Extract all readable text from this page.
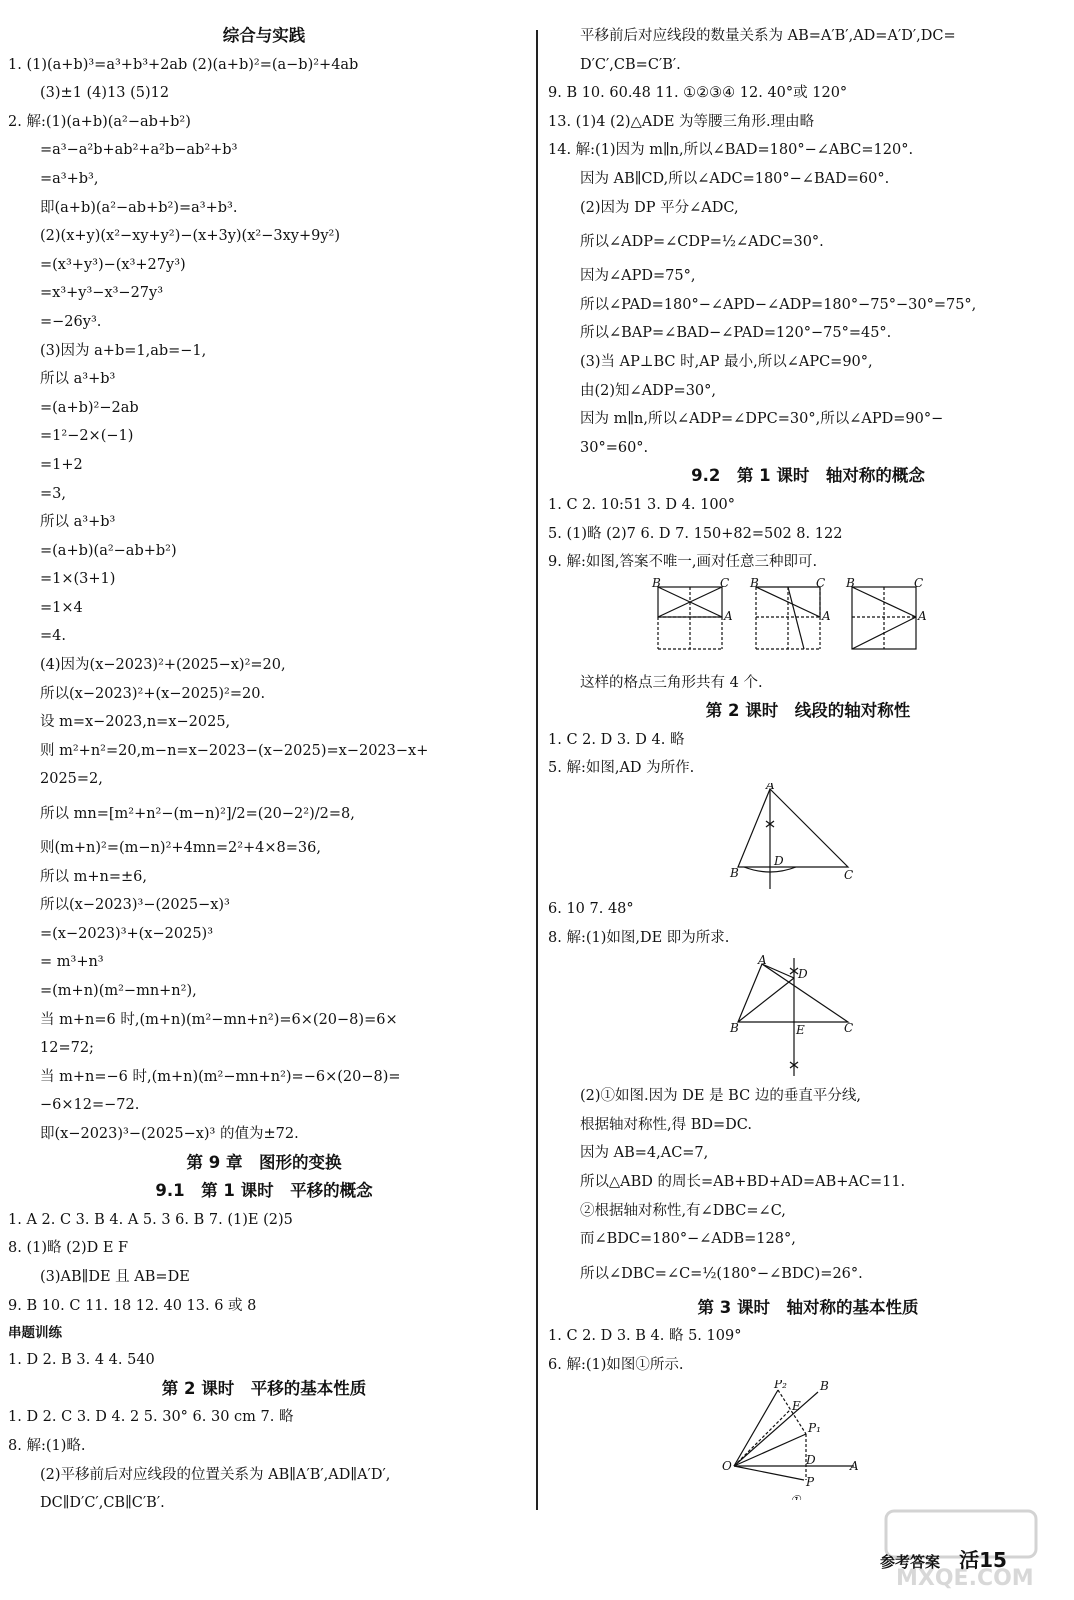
综合与实践
1. (1)(a+b)³=a³+b³+2ab (2)(a+b)²=(a−b)²+4ab
(3)±1 (4)13 (5)12
2. 解:(1)(a+b)(a²−ab+b²)
=a³−a²b+ab²+a²b−ab²+b³
=a³+b³,
即(a+b)(a²−ab+b²)=a³+b³.
(2)(x+y)(x²−xy+y²)−(x+3y)(x²−3xy+9y²)
=(x³+y³)−(x³+27y³)
=x³+y³−x³−27y³
=−26y³.
(3)因为 a+b=1,ab=−1,
所以 a³+b³
=(a+b)²−2ab
=1²−2×(−1)
=1+2
=3,
所以 a³+b³
=(a+b)(a²−ab+b²)
=1×(3+1)
=1×4
=4.
(4)因为(x−2023)²+(2025−x)²=20,
所以(x−2023)²+(x−2025)²=20.
设 m=x−2023,n=x−2025,
则 m²+n²=20,m−n=x−2023−(x−2025)=x−2023−x+
2025=2,
所以 mn=[m²+n²−(m−n)²]/2=(20−2²)/2=8,
则(m+n)²=(m−n)²+4mn=2²+4×8=36,
所以 m+n=±6,
所以(x−2023)³−(2025−x)³
=(x−2023)³+(x−2025)³
= m³+n³
=(m+n)(m²−mn+n²),
当 m+n=6 时,(m+n)(m²−mn+n²)=6×(20−8)=6×
12=72;
当 m+n=−6 时,(m+n)(m²−mn+n²)=−6×(20−8)=
−6×12=−72.
即(x−2023)³−(2025−x)³ 的值为±72.
第 9 章　图形的变换
9.1　第 1 课时　平移的概念
1. A 2. C 3. B 4. A 5. 3 6. B 7. (1)E (2)5
8. (1)略 (2)D E F
(3)AB∥DE 且 AB=DE
9. B 10. C 11. 18 12. 40 13. 6 或 8
串题训练
1. D 2. B 3. 4 4. 540
第 2 课时　平移的基本性质
1. D 2. C 3. D 4. 2 5. 30° 6. 30 cm 7. 略
8. 解:(1)略.
(2)平移前后对应线段的位置关系为 AB∥A′B′,AD∥A′D′,
DC∥D′C′,CB∥C′B′.
平移前后对应线段的数量关系为 AB=A′B′,AD=A′D′,DC=
D′C′,CB=C′B′.
9. B 10. 60.48 11. ①②③④ 12. 40°或 120°
13. (1)4 (2)△ADE 为等腰三角形.理由略
14. 解:(1)因为 m∥n,所以∠BAD=180°−∠ABC=120°.
因为 AB∥CD,所以∠ADC=180°−∠BAD=60°.
(2)因为 DP 平分∠ADC,
所以∠ADP=∠CDP=½∠ADC=30°.
因为∠APD=75°,
所以∠PAD=180°−∠APD−∠ADP=180°−75°−30°=75°,
所以∠BAP=∠BAD−∠PAD=120°−75°=45°.
(3)当 AP⊥BC 时,AP 最小,所以∠APC=90°,
由(2)知∠ADP=30°,
因为 m∥n,所以∠ADP=∠DPC=30°,所以∠APD=90°−
30°=60°.
9.2　第 1 课时　轴对称的概念
1. C 2. 10:51 3. D 4. 100°
5. (1)略 (2)7 6. D 7. 150+82=502 8. 122
9. 解:如图,答案不唯一,画对任意三种即可.
B	C
A
B	C
A
B	C
A
这样的格点三角形共有 4 个.
第 2 课时　线段的轴对称性
1. C 2. D 3. D 4. 略
5. 解:如图,AD 为所作.
A
B	C
D
6. 10 7. 48°
8. 解:(1)如图,DE 即为所求.
A
D
B	E	C
(2)①如图.因为 DE 是 BC 边的垂直平分线,
根据轴对称性,得 BD=DC.
因为 AB=4,AC=7,
所以△ABD 的周长=AB+BD+AD=AB+AC=11.
②根据轴对称性,有∠DBC=∠C,
而∠BDC=180°−∠ADB=128°,
所以∠DBC=∠C=½(180°−∠BDC)=26°.
第 3 课时　轴对称的基本性质
1. C 2. D 3. B 4. 略 5. 109°
6. 解:(1)如图①所示.
P₂	B
E
P₁
O	D
P
A
①
MXQE.COM
参考答案 活15
